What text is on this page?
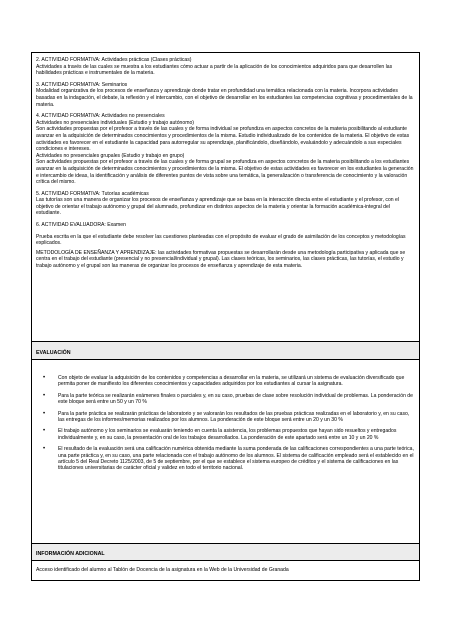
2. ACTIVIDAD FORMATIVA: Actividades prácticas (Clases prácticas)

Actividades a través de las cuales se muestra a los estudiantes cómo actuar a partir de la aplicación de los conocimientos adquiridos para que desarrollen las habilidades prácticas e instrumentales de la materia.

3. ACTIVIDAD FORMATIVA: Seminarios

Modalidad organizativa de los procesos de enseñanza y aprendizaje donde tratar en profundidad una temática relacionada con la materia. Incorpora actividades basadas en la indagación, el debate, la reflexión y el intercambio, con el objetivo de desarrollar en los estudiantes las competencias cognitivas y procedimentales de la materia.

4. ACTIVIDAD FORMATIVA: Actividades no presenciales

Actividades no presenciales individuales (Estudio y trabajo autónomo)

Son actividades propuestas por el profesor a través de las cuales y de forma individual se profundiza en aspectos concretos de la materia posibilitando al estudiante avanzar en la adquisición de determinados conocimientos y procedimientos de la misma. Estudio individualizado de los contenidos de la materia. El objetivo de estas actividades es favorecer en el estudiante la capacidad para autorregular su aprendizaje, planificándolo, diseñándolo, evaluándolo y adecuándolo a sus especiales condiciones e intereses.

Actividades no presenciales grupales (Estudio y trabajo en grupo)

Son actividades propuestas por el profesor a través de las cuales y de forma grupal se profundiza en aspectos concretos de la materia posibilitando a los estudiantes avanzar en la adquisición de determinados conocimientos y procedimientos de la misma. El objetivo de estas actividades es favorecer en los estudiantes la generación e intercambio de ideas, la identificación y análisis de diferentes puntos de vista sobre una temática, la generalización o transferencia de conocimiento y la valoración crítica del mismo.

5. ACTIVIDAD FORMATIVA: Tutorías académicas

Las tutorías son una manera de organizar los procesos de enseñanza y aprendizaje que se basa en la interacción directa entre el estudiante y el profesor, con el objetivo de orientar el trabajo autónomo y grupal del alumnado, profundizar en distintos aspectos de la materia y orientar la formación académica-integral del estudiante.

6. ACTIVIDAD EVALUADORA: Examen

Prueba escrita en la que el estudiante debe resolver las cuestiones planteadas con el propósito de evaluar el grado de asimilación de los conceptos y metodologías explicados.

METODOLOGÍA DE ENSEÑANZA Y APRENDIZAJE: las actividades formativas propuestas se desarrollarán desde una metodología participativa y aplicada que se centra en el trabajo del estudiante (presencial y no presencial/individual y grupal). Las clases teóricas, los seminarios, las clases prácticas, las tutorías, el estudio y trabajo autónomo y el grupal son las maneras de organizar los procesos de enseñanza y aprendizaje de esta materia.

EVALUACIÓN
•	Con objeto de evaluar la adquisición de los contenidos y competencias a desarrollar en la materia, se utilizará un sistema de evaluación diversificado que permita poner de manifiesto los diferentes conocimientos y capacidades adquiridos por los estudiantes al cursar la asignatura.
•	Para la parte teórica se realizarán exámenes finales o parciales y, en su caso, pruebas de clase sobre resolución individual de problemas. La ponderación de este bloque será entre un 50 y un 70 %
•	Para la parte práctica se realizarán prácticas de laboratorio y se valorarán los resultados de las pruebas prácticas realizadas en el laboratorio y, en su caso, las entregas de los informes/memorias realizados por los alumnos. La ponderación de este bloque será entre un 20 y un 30 %
•	El trabajo autónomo y los seminarios se evaluarán teniendo en cuenta la asistencia, los problemas propuestos que hayan sido resueltos y entregados individualmente y, en su caso, la presentación oral de los trabajos desarrollados. La ponderación de este apartado será entre un 10 y un 20 %
•	El resultado de la evaluación será una calificación numérica obtenida mediante la suma ponderada de las calificaciones correspondientes a una parte teórica, una parte práctica y, en su caso, una parte relacionada con el trabajo autónomo de los alumnos. El sistema de calificación empleado será el establecido en el artículo 5 del Real Decreto 1125/2003, de 5 de septiembre, por el que se establece el sistema europeo de créditos y el sistema de calificaciones en las titulaciones universitarias de carácter oficial y validez en todo el territorio nacional.
INFORMACIÓN ADICIONAL
Acceso identificado del alumno al Tablón de Docencia de la asignatura en la Web de la Universidad de Granada
